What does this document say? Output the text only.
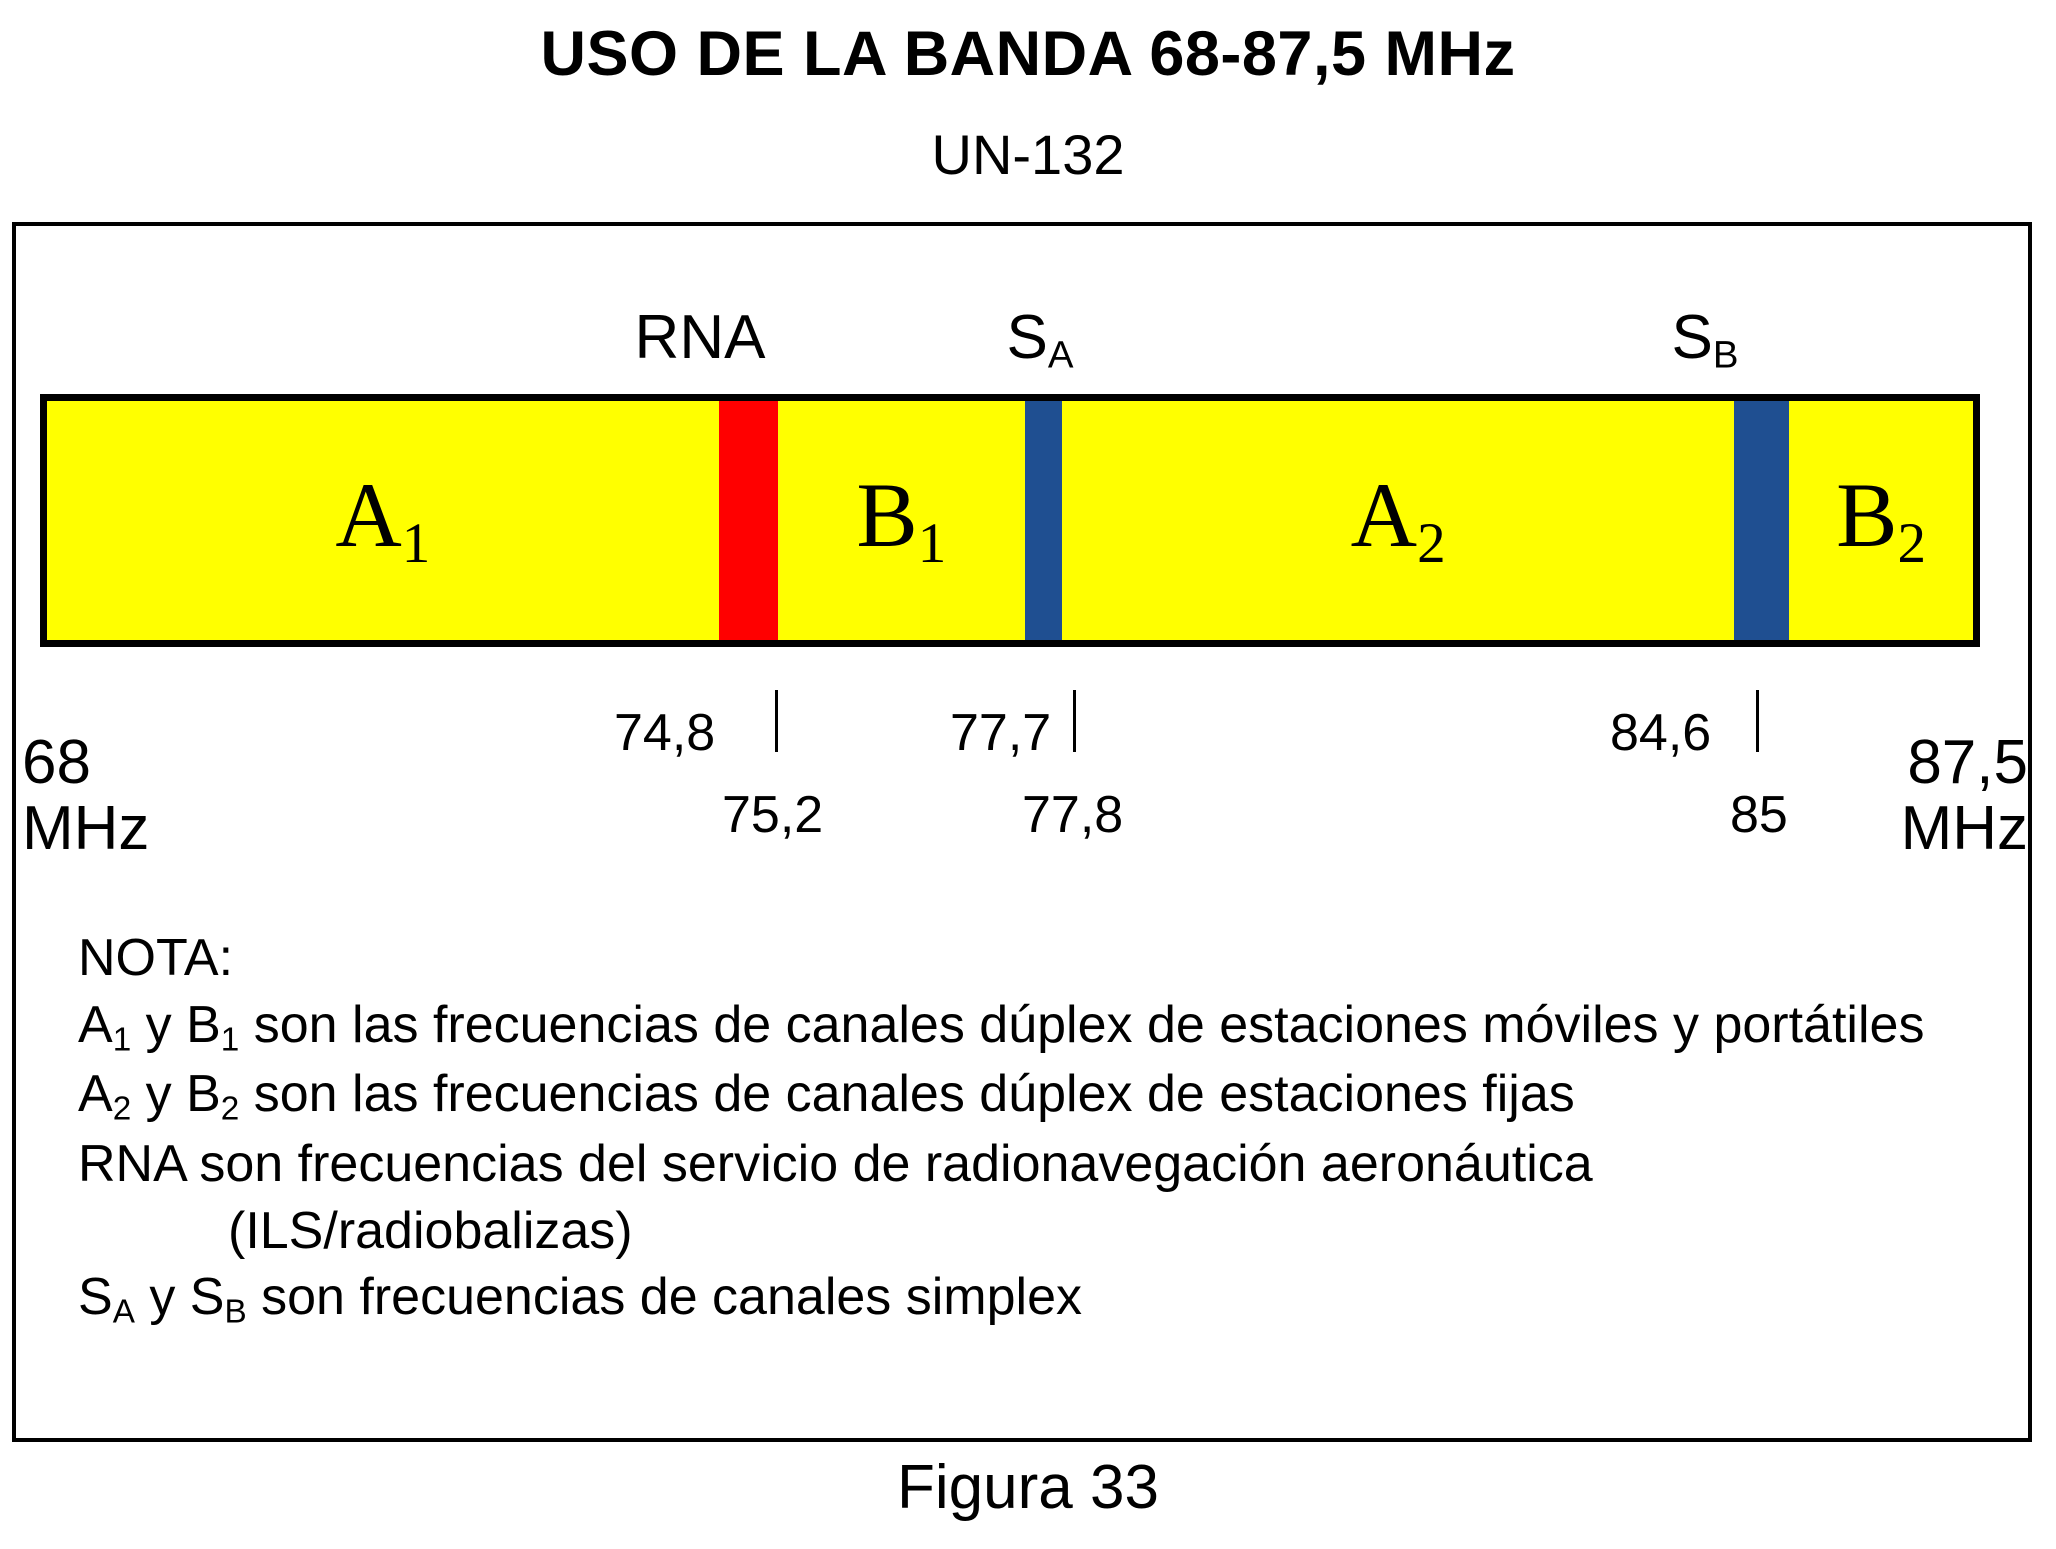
USO DE LA BANDA 68-87,5 MHz
UN-132
RNA	$S_A$	$S_B$
$A_1$	$B_1$	$A_2$	$B_2$
74,8	77,7	84,6
75,2	77,8	85
68
MHz
87,5
MHz
NOTA:
$A_1$ y $B_1$ son las frecuencias de canales dúplex de estaciones móviles y portátiles
$A_2$ y $B_2$ son las frecuencias de canales dúplex de estaciones fijas
RNA son frecuencias del servicio de radionavegación aeronáutica
(ILS/radiobalizas)
$S_A$ y $S_B$ son frecuencias de canales simplex
Figura 33
